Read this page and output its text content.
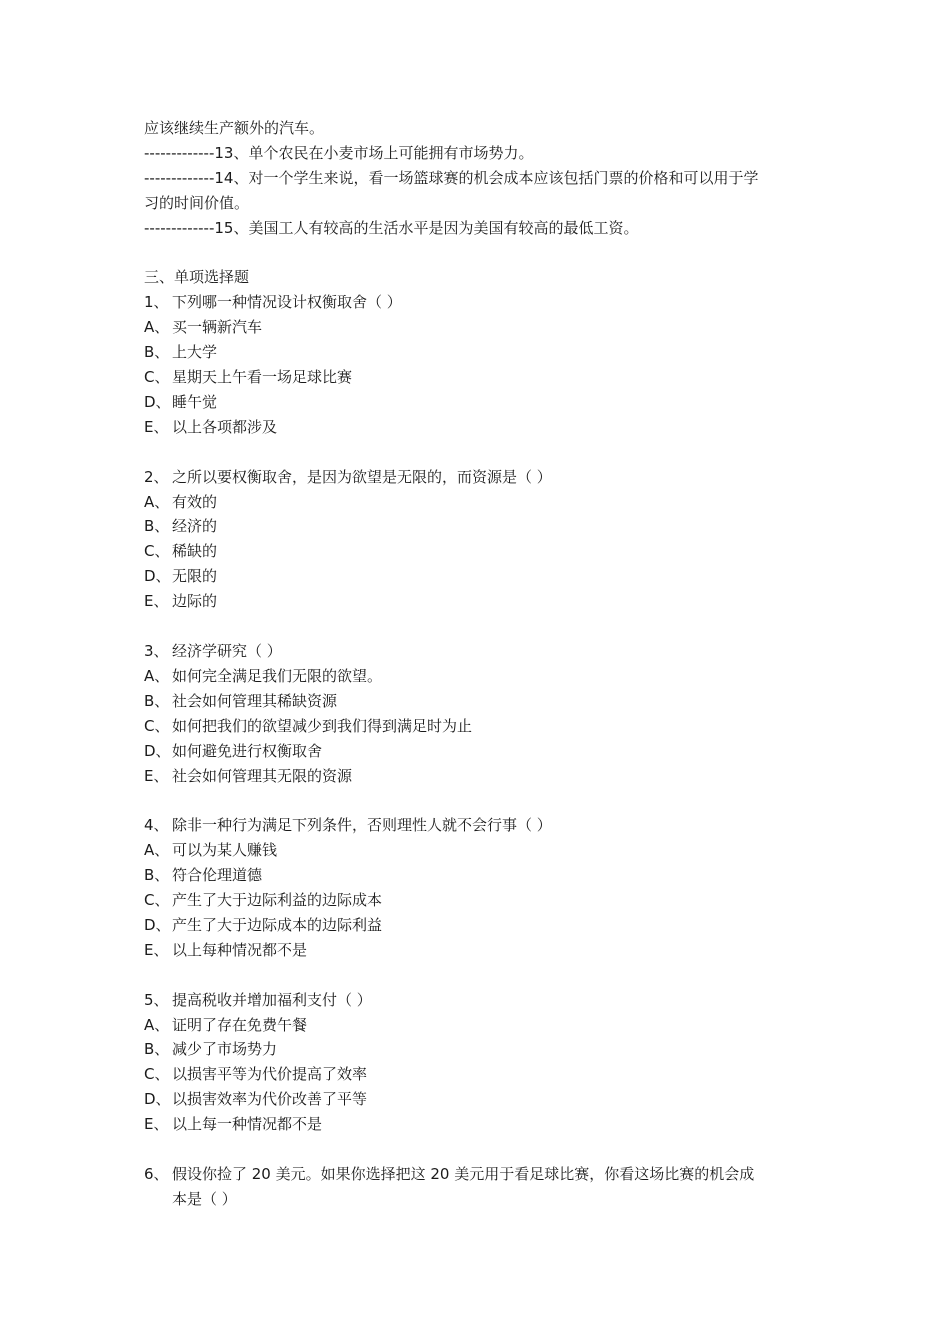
应该继续生产额外的汽车。
-------------13、单个农民在小麦市场上可能拥有市场势力。
-------------14、对一个学生来说，看一场篮球赛的机会成本应该包括门票的价格和可以用于学
习的时间价值。
-------------15、美国工人有较高的生活水平是因为美国有较高的最低工资。
三、单项选择题
1、 下列哪一种情况设计权衡取舍（ ）
A、 买一辆新汽车
B、 上大学
C、 星期天上午看一场足球比赛
D、 睡午觉
E、 以上各项都涉及
2、 之所以要权衡取舍，是因为欲望是无限的，而资源是（ ）
A、 有效的
B、 经济的
C、 稀缺的
D、 无限的
E、 边际的
3、 经济学研究（ ）
A、 如何完全满足我们无限的欲望。
B、 社会如何管理其稀缺资源
C、 如何把我们的欲望减少到我们得到满足时为止
D、 如何避免进行权衡取舍
E、 社会如何管理其无限的资源
4、 除非一种行为满足下列条件，否则理性人就不会行事（ ）
A、 可以为某人赚钱
B、 符合伦理道德
C、 产生了大于边际利益的边际成本
D、 产生了大于边际成本的边际利益
E、 以上每种情况都不是
5、 提高税收并增加福利支付（ ）
A、 证明了存在免费午餐
B、 减少了市场势力
C、 以损害平等为代价提高了效率
D、 以损害效率为代价改善了平等
E、 以上每一种情况都不是
6、 假设你捡了 20 美元。如果你选择把这 20 美元用于看足球比赛，你看这场比赛的机会成
本是（ ）
